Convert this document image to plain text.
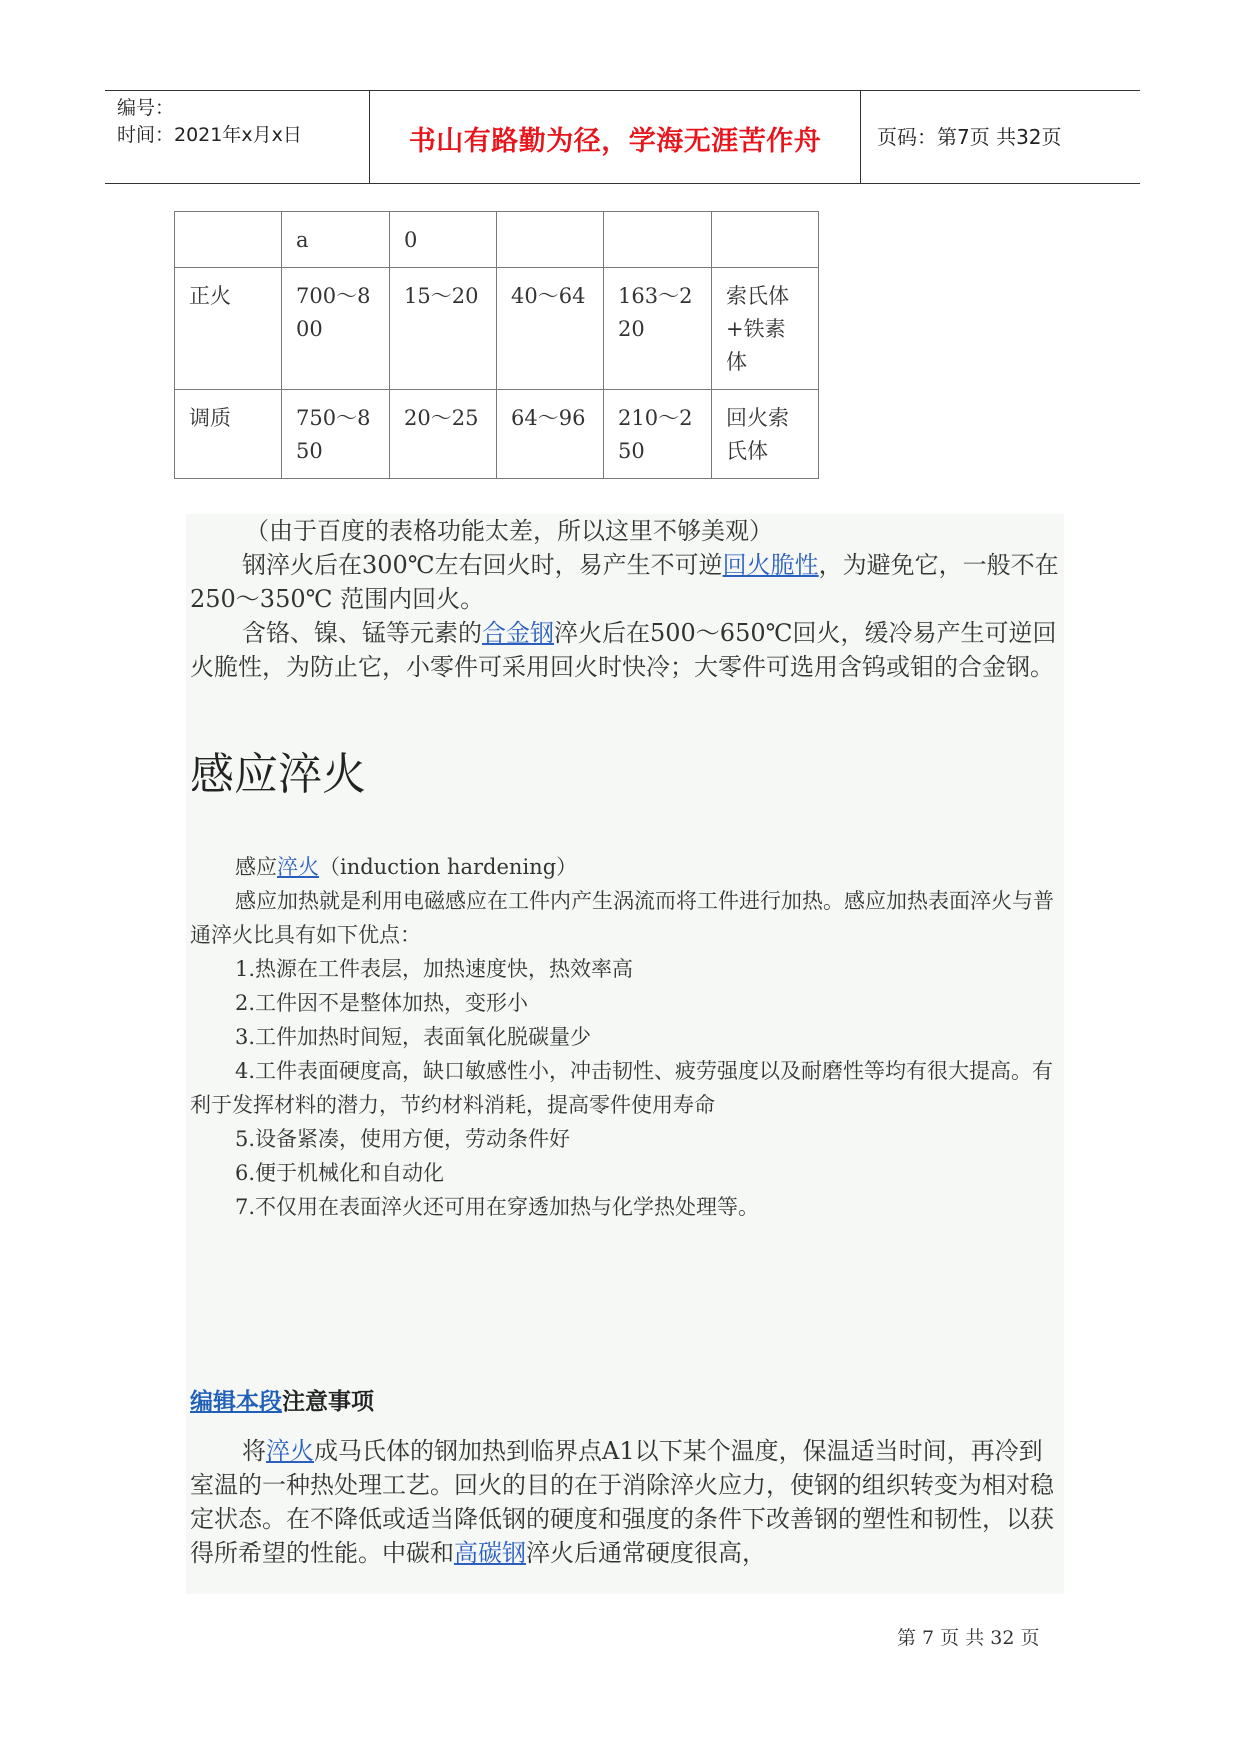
编号：
时间：2021年x月x日	书山有路勤为径，学海无涯苦作舟	页码：第7页 共32页
	a	0			
正火	700～800	15～20	40～64	163～220	索氏体+铁素体
调质	750～850	20～25	64～96	210～250	回火索氏体
（由于百度的表格功能太差，所以这里不够美观）
钢淬火后在300℃左右回火时，易产生不可逆回火脆性，为避免它，一般不在250～350℃ 范围内回火。
含铬、镍、锰等元素的合金钢淬火后在500～650℃回火，缓冷易产生可逆回火脆性，为防止它，小零件可采用回火时快冷；大零件可选用含钨或钼的合金钢。
感应淬火
感应淬火（induction hardening）
感应加热就是利用电磁感应在工件内产生涡流而将工件进行加热。感应加热表面淬火与普通淬火比具有如下优点：
1.热源在工件表层，加热速度快，热效率高
2.工件因不是整体加热，变形小
3.工件加热时间短，表面氧化脱碳量少
4.工件表面硬度高，缺口敏感性小，冲击韧性、疲劳强度以及耐磨性等均有很大提高。有利于发挥材料的潜力，节约材料消耗，提高零件使用寿命
5.设备紧凑，使用方便，劳动条件好
6.便于机械化和自动化
7.不仅用在表面淬火还可用在穿透加热与化学热处理等。
编辑本段注意事项
将淬火成马氏体的钢加热到临界点A1以下某个温度，保温适当时间，再冷到室温的一种热处理工艺。回火的目的在于消除淬火应力，使钢的组织转变为相对稳定状态。在不降低或适当降低钢的硬度和强度的条件下改善钢的塑性和韧性，以获得所希望的性能。中碳和高碳钢淬火后通常硬度很高，
第 7 页 共 32 页
